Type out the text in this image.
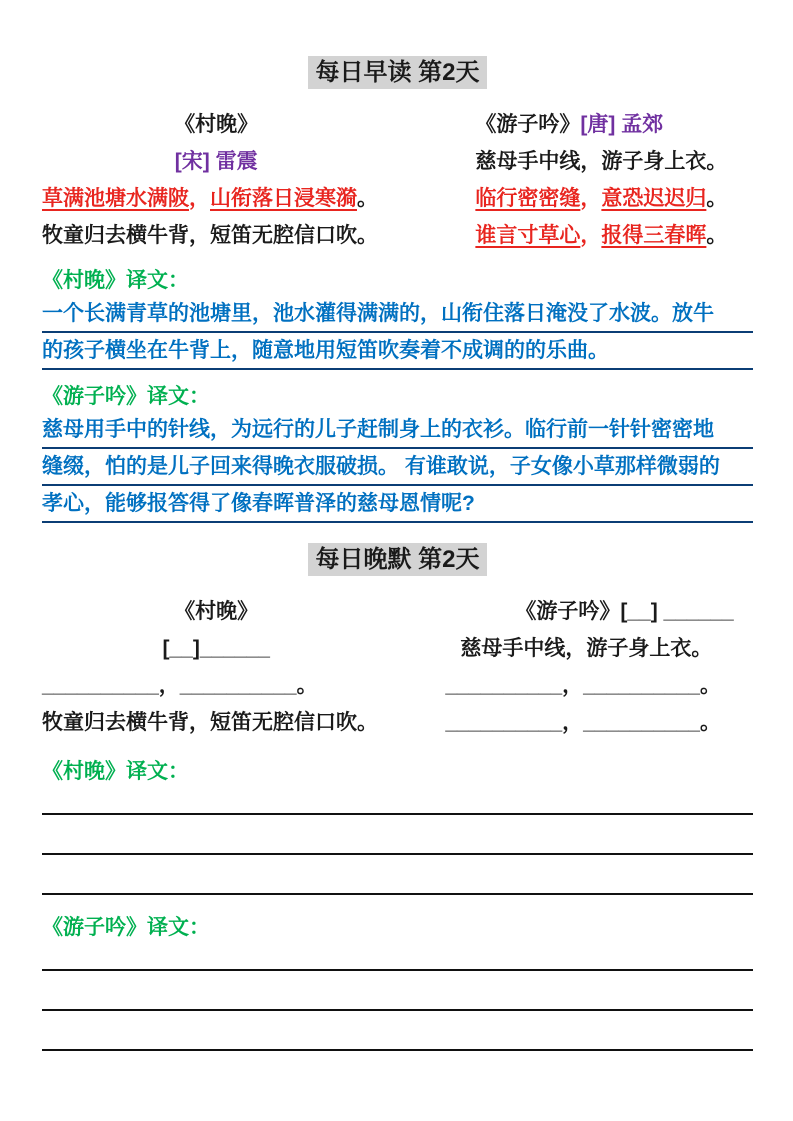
每日早读 第2天
《村晚》
[宋] 雷震
草满池塘水满陂，山衔落日浸寒漪。
牧童归去横牛背，短笛无腔信口吹。
《游子吟》[唐] 孟郊
慈母手中线，游子身上衣。
临行密密缝，意恐迟迟归。
谁言寸草心，报得三春晖。
《村晚》译文：
一个长满青草的池塘里，池水灌得满满的，山衔住落日淹没了水波。放牛
的孩子横坐在牛背上，随意地用短笛吹奏着不成调的的乐曲。
《游子吟》译文：
慈母用手中的针线，为远行的儿子赶制身上的衣衫。临行前一针针密密地
缝缀，怕的是儿子回来得晚衣服破损。 有谁敢说，子女像小草那样微弱的
孝心，能够报答得了像春晖普泽的慈母恩情呢?
每日晚默 第2天
《村晚》
[__]______
__________，__________。
牧童归去横牛背，短笛无腔信口吹。
《游子吟》[__] ______
慈母手中线，游子身上衣。
__________，__________。
__________，__________。
《村晚》译文：
《游子吟》译文：
